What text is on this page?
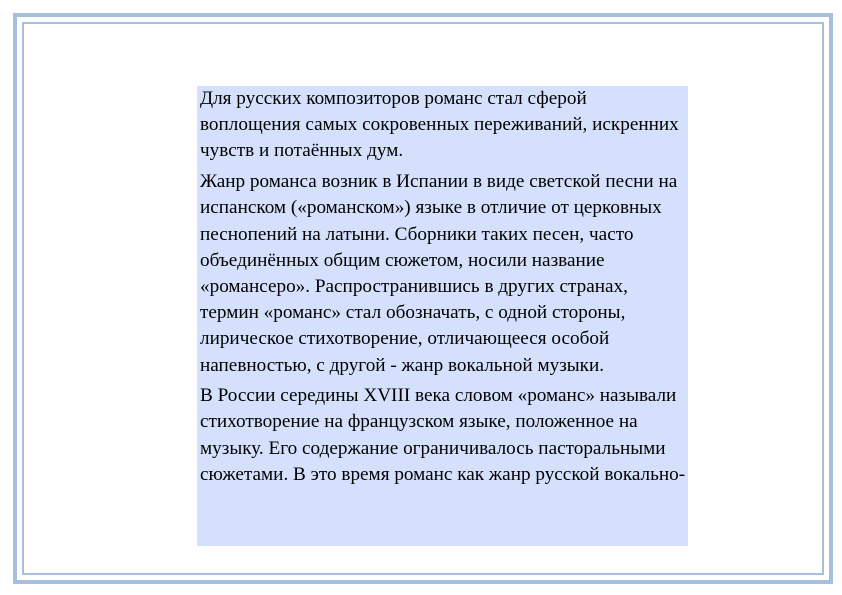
Для русских композиторов романс стал сферой воплощения самых сокровенных переживаний, искренних чувств и потаённых дум.

Жанр романса возник в Испании в виде светской песни на испанском («романском») языке в отличие от церковных песнопений на латыни. Сборники таких песен, часто объединённых общим сюжетом, носили название «романсеро». Распространившись в других странах, термин «романс» стал обозначать, с одной стороны, лирическое стихотворение, отличающееся особой напевностью, с другой - жанр вокальной музыки.

В России середины XVIII века словом «романс» называли стихотворение на французском языке, положенное на музыку. Его содержание ограничивалось пасторальными сюжетами. В это время романс как жанр русской вокально-
